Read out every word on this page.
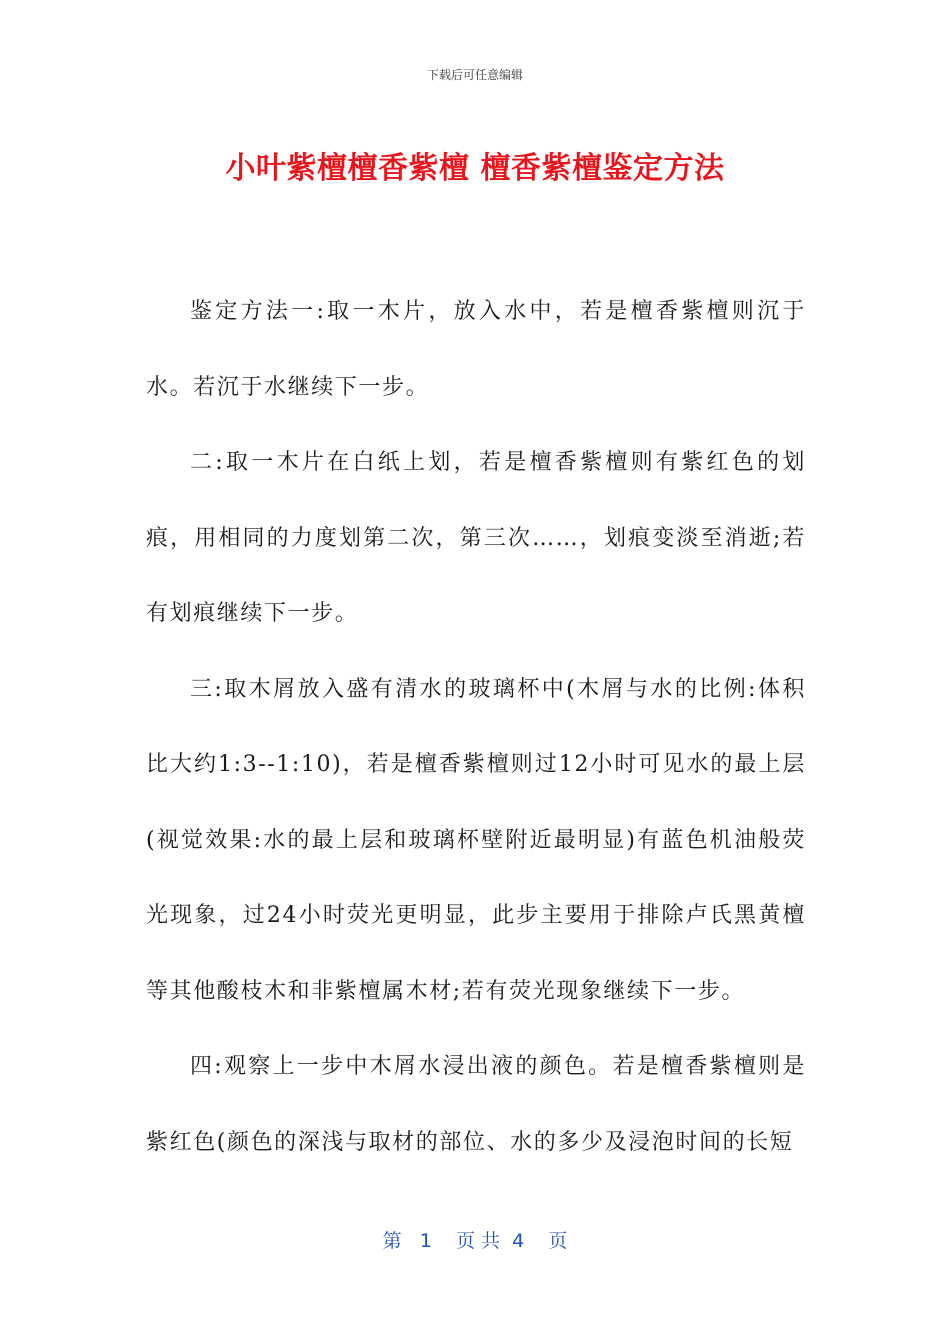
下载后可任意编辑
小叶紫檀檀香紫檀 檀香紫檀鉴定方法

鉴定方法一:取一木片，放入水中，若是檀香紫檀则沉于水。若沉于水继续下一步。

二:取一木片在白纸上划，若是檀香紫檀则有紫红色的划痕，用相同的力度划第二次，第三次……，划痕变淡至消逝;若有划痕继续下一步。

三:取木屑放入盛有清水的玻璃杯中(木屑与水的比例:体积比大约1:3--1:10)，若是檀香紫檀则过12小时可见水的最上层(视觉效果:水的最上层和玻璃杯壁附近最明显)有蓝色机油般荧光现象，过24小时荧光更明显，此步主要用于排除卢氏黑黄檀等其他酸枝木和非紫檀属木材;若有荧光现象继续下一步。

四:观察上一步中木屑水浸出液的颜色。若是檀香紫檀则是紫红色(颜色的深浅与取材的部位、水的多少及浸泡时间的长短

第   1    页 共  4    页
